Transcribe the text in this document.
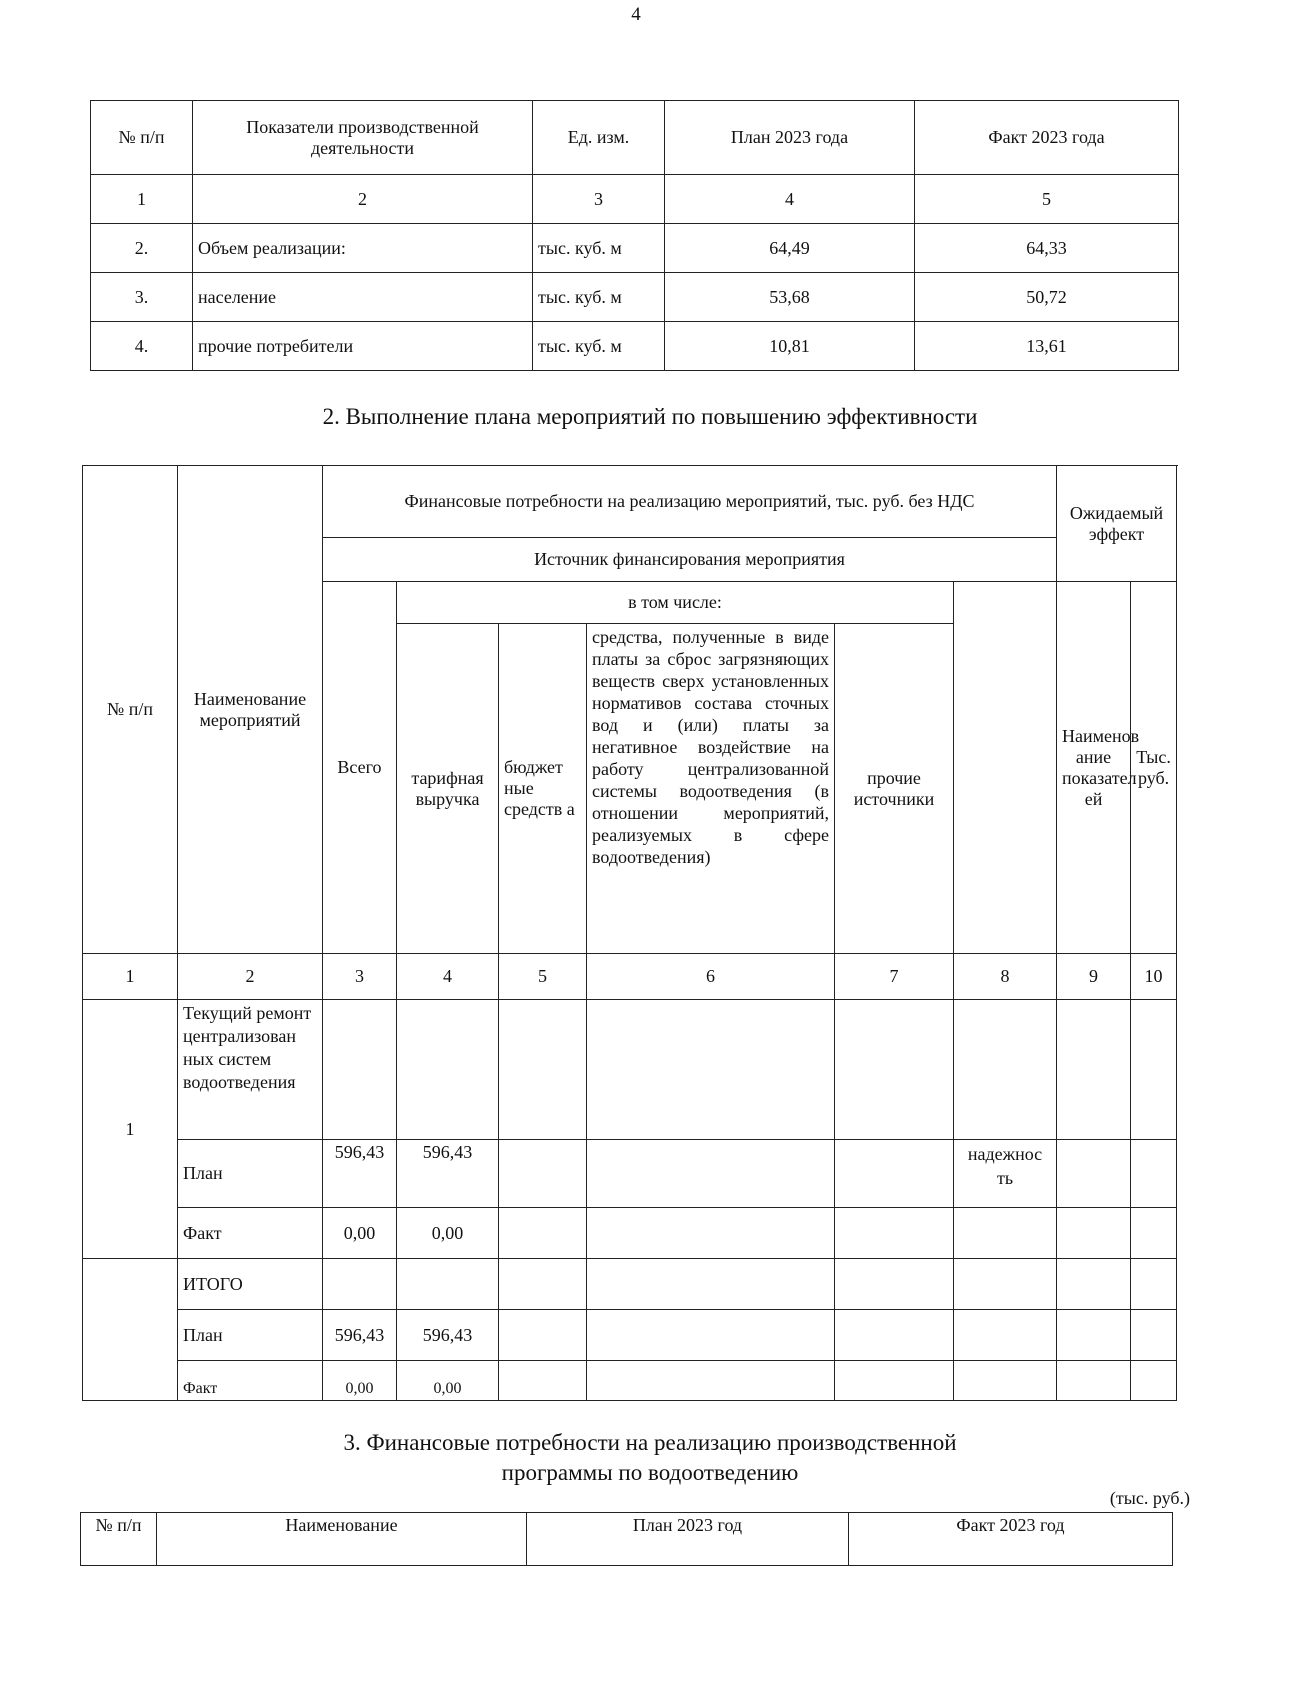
4
№ п/п	Показатели производственной деятельности	Ед. изм.	План 2023 года	Факт 2023 года
1	2	3	4	5
2.	Объем реализации:	тыс. куб. м	64,49	64,33
3.	население	тыс. куб. м	53,68	50,72
4.	прочие потребители	тыс. куб. м	10,81	13,61
2. Выполнение плана мероприятий по повышению эффективности
№ п/п	Наименование мероприятий	Финансовые потребности на реализацию мероприятий, тыс. руб. без НДС						Ожидаемый эффект		
		Источник финансирования мероприятия								
		Всего	в том числе:					Наименов ание показател ей	Тыс. руб.	
			тарифная выручка	бюджет ные средств а	средства, полученные в виде платы за сброс загрязняющих веществ сверх установленных нормативов состава сточных вод и (или) платы за негативное воздействие на работу централизованной системы водоотведения (в отношении мероприятий, реализуемых в сфере водоотведения)	прочие источники				
1	2	3	4	5	6	7	8	9	10	
1	Текущий ремонт централизован ных систем водоотведения									
	План	596,43	596,43				надежнос ть			
	Факт	0,00	0,00							
	ИТОГО									
	План	596,43	596,43							
	Факт	0,00	0,00							
3. Финансовые потребности на реализацию производственной
программы по водоотведению
(тыс. руб.)
№ п/п	Наименование	План 2023 год	Факт 2023 год
